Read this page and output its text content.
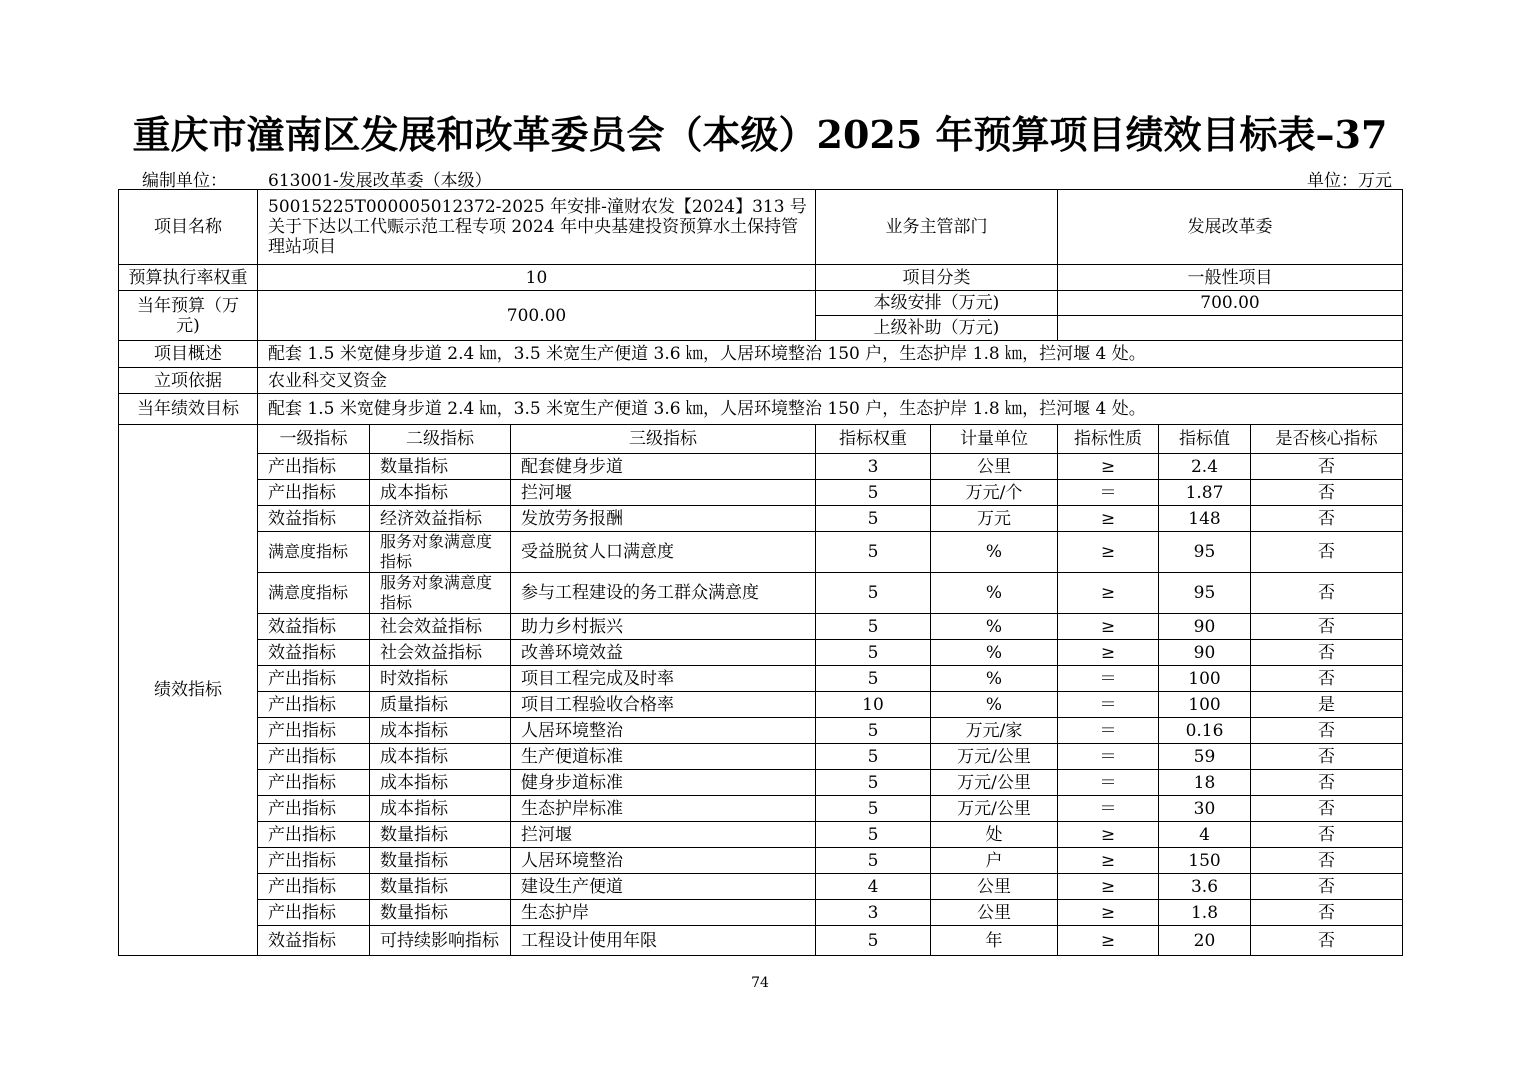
重庆市潼南区发展和改革委员会（本级）2025 年预算项目绩效目标表–37
编制单位： 613001-发展改革委（本级）	单位：万元
项目名称	50015225T000005012372-2025 年安排-潼财农发【2024】313 号关于下达以工代赈示范工程专项 2024 年中央基建投资预算水土保持管理站项目			业务主管部门		发展改革委		
预算执行率权重	10			项目分类		一般性项目		
当年预算（万元)	700.00			本级安排（万元)		700.00		
				上级补助（万元)				
项目概述	配套 1.5 米宽健身步道 2.4 ㎞，3.5 米宽生产便道 3.6 ㎞，人居环境整治 150 户，生态护岸 1.8 ㎞，拦河堰 4 处。							
立项依据	农业科交叉资金							
当年绩效目标	配套 1.5 米宽健身步道 2.4 ㎞，3.5 米宽生产便道 3.6 ㎞，人居环境整治 150 户，生态护岸 1.8 ㎞，拦河堰 4 处。							
绩效指标	一级指标	二级指标	三级指标	指标权重	计量单位	指标性质	指标值	是否核心指标
	产出指标	数量指标	配套健身步道	3	公里	≥	2.4	否
	产出指标	成本指标	拦河堰	5	万元/个	＝	1.87	否
	效益指标	经济效益指标	发放劳务报酬	5	万元	≥	148	否
	满意度指标	服务对象满意度指标	受益脱贫人口满意度	5	%	≥	95	否
	满意度指标	服务对象满意度指标	参与工程建设的务工群众满意度	5	%	≥	95	否
	效益指标	社会效益指标	助力乡村振兴	5	%	≥	90	否
	效益指标	社会效益指标	改善环境效益	5	%	≥	90	否
	产出指标	时效指标	项目工程完成及时率	5	%	＝	100	否
	产出指标	质量指标	项目工程验收合格率	10	%	＝	100	是
	产出指标	成本指标	人居环境整治	5	万元/家	＝	0.16	否
	产出指标	成本指标	生产便道标准	5	万元/公里	＝	59	否
	产出指标	成本指标	健身步道标准	5	万元/公里	＝	18	否
	产出指标	成本指标	生态护岸标准	5	万元/公里	＝	30	否
	产出指标	数量指标	拦河堰	5	处	≥	4	否
	产出指标	数量指标	人居环境整治	5	户	≥	150	否
	产出指标	数量指标	建设生产便道	4	公里	≥	3.6	否
	产出指标	数量指标	生态护岸	3	公里	≥	1.8	否
	效益指标	可持续影响指标	工程设计使用年限	5	年	≥	20	否
74
